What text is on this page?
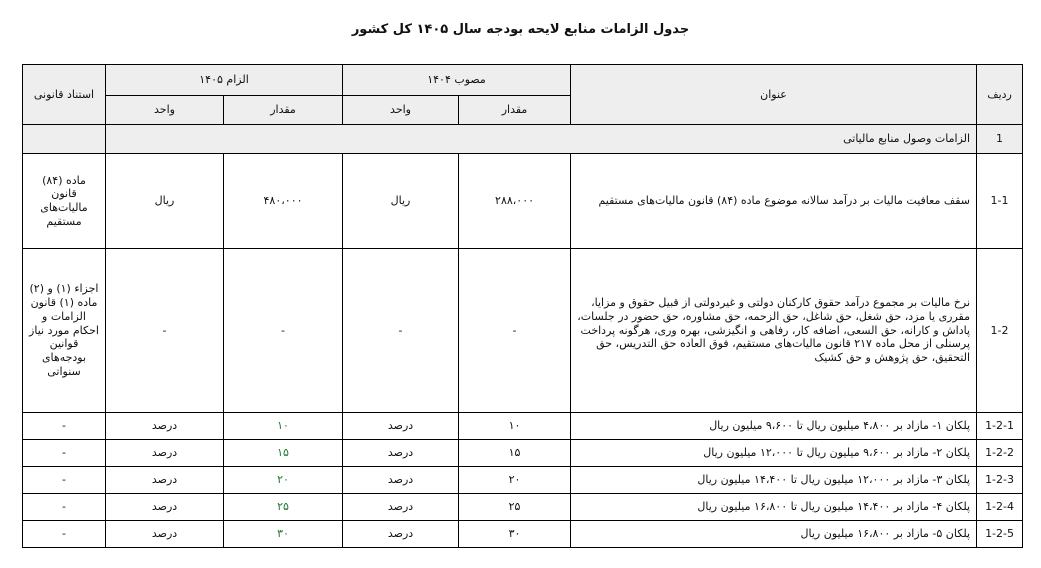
جدول الزامات منابع لایحه بودجه سال ۱۴۰۵ کل کشور
ردیف	عنوان	مصوب ۱۴۰۴		الزام ۱۴۰۵		استناد قانونی
		مقدار	واحد	مقدار	واحد	
1	الزامات وصول منابع مالیاتی					
1-1	سقف معافیت مالیات بر درآمد سالانه موضوع ماده (۸۴) قانون مالیات‌های مستقیم	۲۸۸،۰۰۰	ریال	۴۸۰،۰۰۰	ریال	ماده (۸۴) قانون مالیات‌های مستقیم
1-2	نرخ مالیات بر مجموع درآمد حقوق کارکنان دولتی و غیردولتی از قبیل حقوق و مزایا، مقرری یا مزد، حق شغل، حق شاغل، حق الزحمه، حق مشاوره، حق حضور در جلسات، پاداش و کارانه، حق السعی، اضافه کار، رفاهی و انگیزشی، بهره وری، هرگونه پرداخت پرسنلی از محل ماده ۲۱۷ قانون مالیات‌های مستقیم، فوق العاده حق التدریس، حق التحقیق، حق پژوهش و حق کشیک	-	-	-	-	اجزاء (۱) و (۲) ماده (۱) قانون الزامات و احکام مورد نیاز قوانین بودجه‌های سنواتی
1-2-1	پلکان ۱- مازاد بر ۴،۸۰۰ میلیون ریال تا ۹،۶۰۰ میلیون ریال	۱۰	درصد	۱۰	درصد	-
1-2-2	پلکان ۲- مازاد بر ۹،۶۰۰ میلیون ریال تا ۱۲،۰۰۰ میلیون ریال	۱۵	درصد	۱۵	درصد	-
1-2-3	پلکان ۳- مازاد بر ۱۲،۰۰۰ میلیون ریال تا ۱۴،۴۰۰ میلیون ریال	۲۰	درصد	۲۰	درصد	-
1-2-4	پلکان ۴- مازاد بر ۱۴،۴۰۰ میلیون ریال تا ۱۶،۸۰۰ میلیون ریال	۲۵	درصد	۲۵	درصد	-
1-2-5	پلکان ۵- مازاد بر ۱۶،۸۰۰ میلیون ریال	۳۰	درصد	۳۰	درصد	-
